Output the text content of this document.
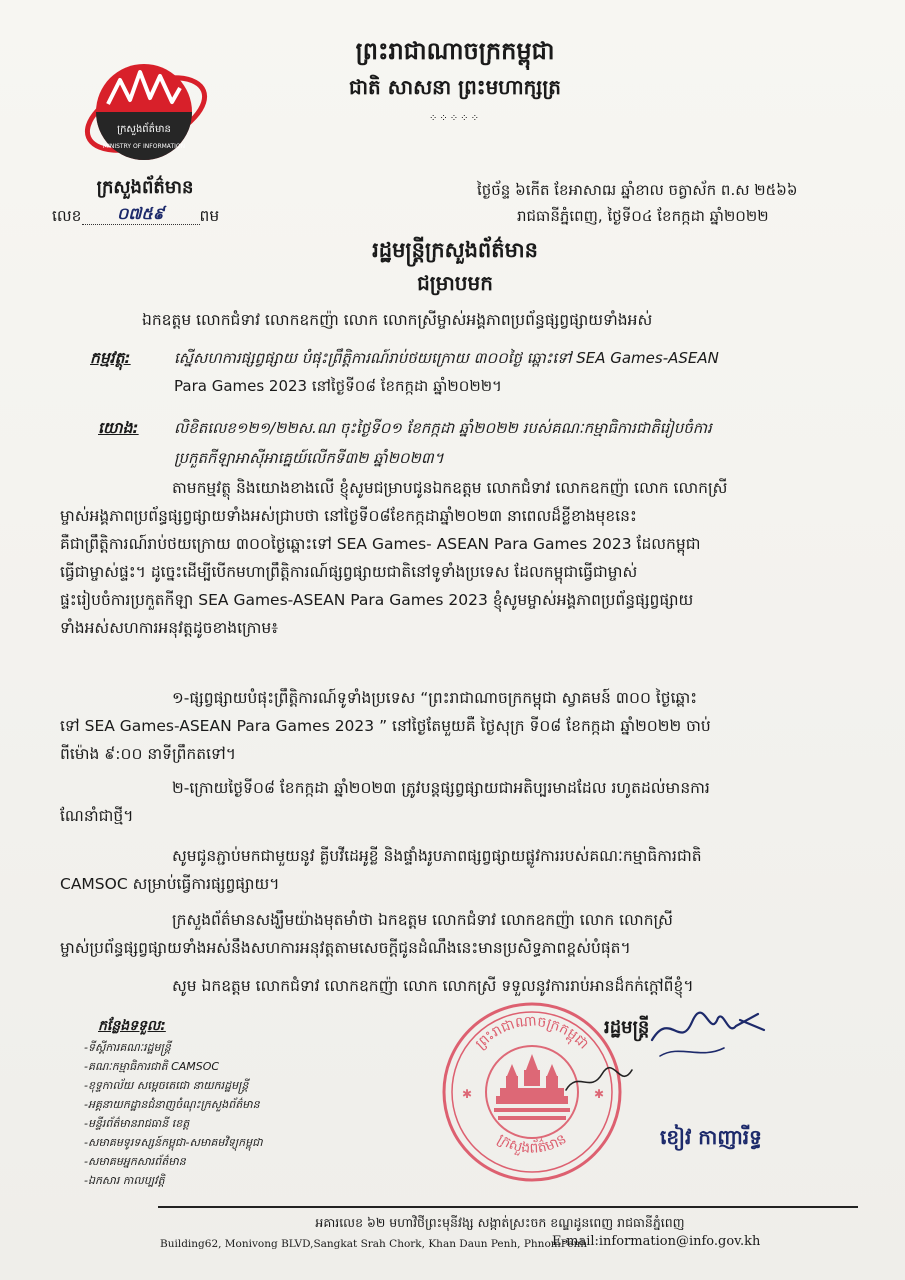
ព្រះរាជាណាចក្រកម្ពុជា
ជាតិ សាសនា ព្រះមហាក្សត្រ
⁘⁘⁘⁘⁘
ក្រសួងព័ត៌មាន
MINISTRY OF INFORMATION
ក្រសួងព័ត៌មាន
លេខ ០៧៥៩ ពម
ថ្ងៃច័ន្ទ ៦កើត ខែអាសាឍ ឆ្នាំខាល ចត្វាស័ក ព.ស ២៥៦៦
រាជធានីភ្នំពេញ, ថ្ងៃទី០៤ ខែកក្កដា ឆ្នាំ២០២២
រដ្ឋមន្ត្រីក្រសួងព័ត៌មាន
ជម្រាបមក
ឯកឧត្តម លោកជំទាវ លោកឧកញ៉ា លោក លោកស្រីម្ចាស់អង្គភាពប្រព័ន្ធផ្សព្វផ្សាយទាំងអស់
កម្មវត្ថុ:	ស្នើសហការផ្សព្វផ្សាយ បំផុះព្រឹត្តិការណ៍រាប់ថយក្រោយ ៣០០ថ្ងៃ ឆ្ពោះទៅ SEA Games-ASEAN
Para Games 2023 នៅថ្ងៃទី០៨ ខែកក្កដា ឆ្នាំ២០២២។
យោង: លិខិតលេខ១២១/២២ស.ណ ចុះថ្ងៃទី០១ ខែកក្កដា ឆ្នាំ២០២២ របស់គណៈកម្មាធិការជាតិរៀបចំការ
ប្រកួតកីឡាអាស៊ីអាគ្នេយ៍លើកទី៣២ ឆ្នាំ២០២៣។
តាមកម្មវត្ថុ និងយោងខាងលើ ខ្ញុំសូមជម្រាបជូនឯកឧត្តម លោកជំទាវ លោកឧកញ៉ា លោក លោកស្រី
ម្ចាស់អង្គភាពប្រព័ន្ធផ្សព្វផ្សាយទាំងអស់ជ្រាបថា នៅថ្ងៃទី០៨ខែកក្កដាឆ្នាំ២០២៣ នាពេលដ៏ខ្លីខាងមុខនេះ
គឺជាព្រឹត្តិការណ៍រាប់ថយក្រោយ ៣០០ថ្ងៃឆ្ពោះទៅ SEA Games- ASEAN Para Games 2023 ដែលកម្ពុជា
ធ្វើជាម្ចាស់ផ្ទះ។ ដូច្នេះដើម្បីបើកមហាព្រឹត្តិការណ៍ផ្សព្វផ្សាយជាតិនៅទូទាំងប្រទេស ដែលកម្ពុជាធ្វើជាម្ចាស់
ផ្ទះរៀបចំការប្រកួតកីឡា SEA Games-ASEAN Para Games 2023 ខ្ញុំសូមម្ចាស់អង្គភាពប្រព័ន្ធផ្សព្វផ្សាយ
ទាំងអស់សហការអនុវត្តដូចខាងក្រោម៖
១-ផ្សព្វផ្សាយបំផុះព្រឹត្តិការណ៍ទូទាំងប្រទេស “ព្រះរាជាណាចក្រកម្ពុជា ស្វាគមន៍ ៣០០ ថ្ងៃឆ្ពោះ
ទៅ SEA Games-ASEAN Para Games 2023 ” នៅថ្ងៃតែមួយគឺ ថ្ងៃសុក្រ ទី០៨ ខែកក្កដា ឆ្នាំ២០២២ ចាប់
ពីម៉ោង ៩:០០ នាទីព្រឹកតទៅ។
២-ក្រោយថ្ងៃទី០៨ ខែកក្កដា ឆ្នាំ២០២៣ ត្រូវបន្តផ្សព្វផ្សាយជាអតិប្បរមាដដែល រហូតដល់មានការ
ណែនាំជាថ្មី។
សូមជូនភ្ជាប់មកជាមួយនូវ គ្លីបវីដេអូខ្លី និងផ្ទាំងរូបភាពផ្សព្វផ្សាយផ្លូវការរបស់គណៈកម្មាធិការជាតិ
CAMSOC សម្រាប់ធ្វើការផ្សព្វផ្សាយ។
ក្រសួងព័ត៌មានសង្ឃឹមយ៉ាងមុតមាំថា ឯកឧត្តម លោកជំទាវ លោកឧកញ៉ា លោក លោកស្រី
ម្ចាស់ប្រព័ន្ធផ្សព្វផ្សាយទាំងអស់នឹងសហការអនុវត្តតាមសេចក្តីជូនដំណឹងនេះមានប្រសិទ្ធភាពខ្ពស់បំផុត។
សូម ឯកឧត្តម លោកជំទាវ លោកឧកញ៉ា លោក លោកស្រី ទទួលនូវការរាប់អានដ៏កក់ក្តៅពីខ្ញុំ។
កន្លែងទទួល:
-ទីស្តីការគណៈរដ្ឋមន្ត្រី
-គណៈកម្មាធិការជាតិ CAMSOC
-ខុទ្ទកាល័យ សម្តេចតេជោ នាយករដ្ឋមន្ត្រី
-អគ្គនាយកដ្ឋានជំនាញចំណុះក្រសួងព័ត៌មាន
-មន្ទីរព័ត៌មានរាជធានី ខេត្ត
-សមាគមទូរទស្សន៍កម្ពុជា-សមាគមវិទ្យុកម្ពុជា
-សមាគមអ្នកសារព័ត៌មាន
-ឯកសារ កាលប្បវត្តិ
ព្រះរាជាណាចក្រកម្ពុជា
ក្រសួងព័ត៌មាន
✱	✱
រដ្ឋមន្ត្រី
ខៀវ កាញារីទ្ធ
អគារលេខ ៦២ មហាវិថីព្រះមុនីវង្ស សង្កាត់ស្រះចក ខណ្ឌដូនពេញ រាជធានីភ្នំពេញ
Building62, Monivong BLVD,Sangkat Srah Chork, Khan Daun Penh, PhnomPenh
E-mail:information@info.gov.kh
